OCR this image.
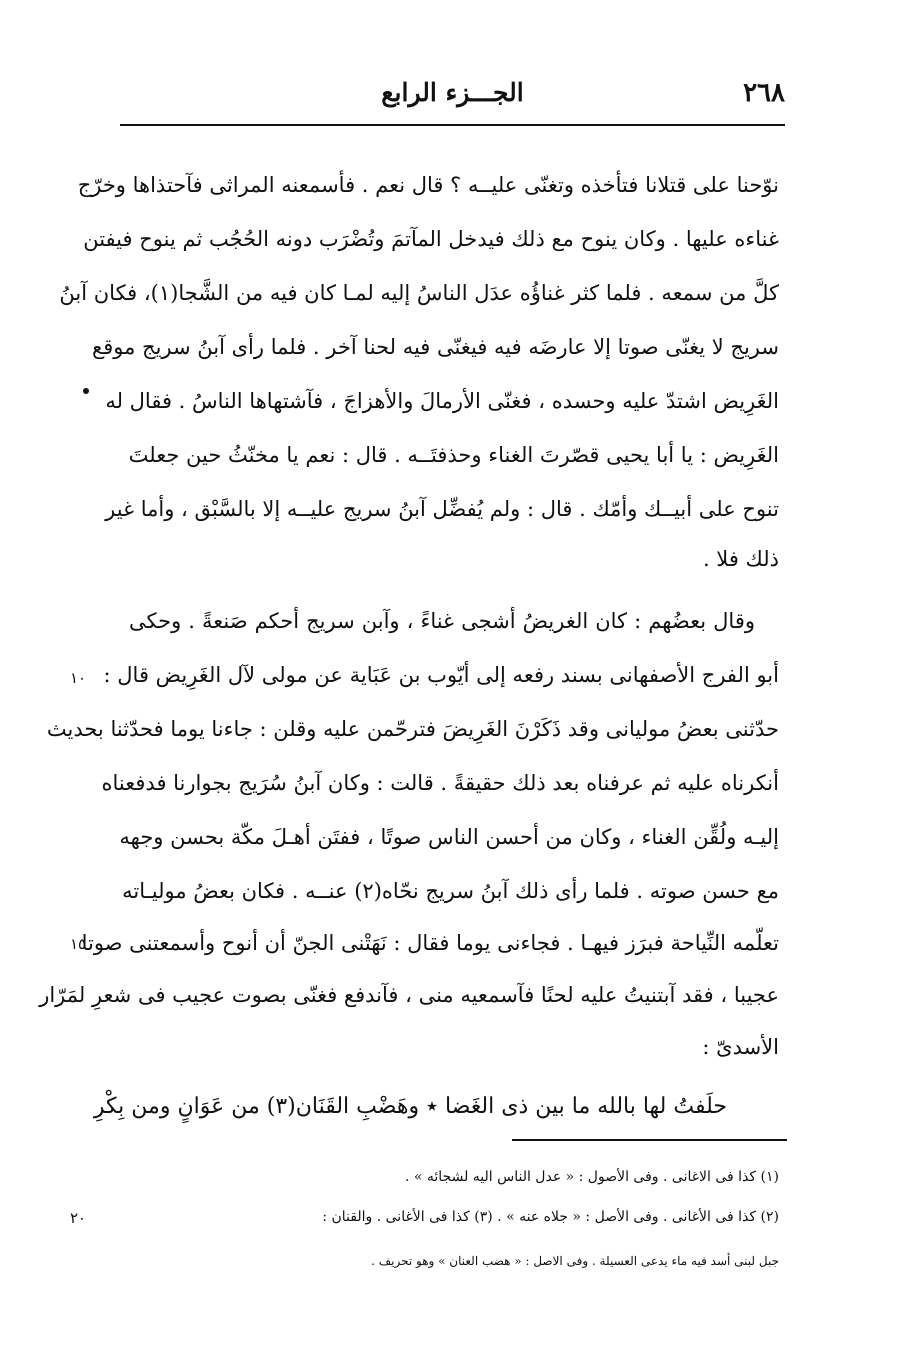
٢٦٨
الجـــزء الرابع
نوّحنا على قتلانا فتأخذه وتغنّى عليــه ؟ قال نعم . فأسمعنه المراثى فآحتذاها وخرّج
غناءه عليها . وكان ينوح مع ذلك فيدخل المآتمَ وتُضْرَب دونه الحُجُب ثم ينوح فيفتن
كلَّ من سمعه . فلما كثر غناؤُه عدَل الناسُ إليه لمـا كان فيه من الشَّجا(١)، فكان آبنُ
سريج لا يغنّى صوتا إلا عارضَه فيه فيغنّى فيه لحنا آخر . فلما رأى آبنُ سريج موقع
الغَرِيض اشتدّ عليه وحسده ، فغنّى الأرمالَ والأهزاجَ ، فآشتهاها الناسُ . فقال له
الغَرِيض : يا أبا يحيى قصّرتَ الغناء وحذفتَــه . قال : نعم يا مخنّثُ حين جعلتَ
تنوح على أبيــك وأمّك . قال : ولم يُفضِّل آبنُ سريج عليــه إلا بالسَّبْق ، وأما غير
ذلك فلا .
وقال بعضُهم : كان الغريضُ أشجى غناءً ، وآبن سريج أحكم صَنعةً . وحكى
أبو الفرج الأصفهانى بسند رفعه إلى أيّوب بن عَبَاية عن مولى لآل الغَرِيض قال :
حدّثنى بعضُ موليانى وقد ذَكَرْنَ الغَرِيضَ فترحّمن عليه وقلن : جاءنا يوما فحدّثنا بحديث
أنكرناه عليه ثم عرفناه بعد ذلك حقيقةً . قالت : وكان آبنُ سُرَيج بجوارنا فدفعناه
إليـه ولُقِّن الغناء ، وكان من أحسن الناس صوتًا ، ففتَن أهـلَ مكّة بحسن وجهه
مع حسن صوته . فلما رأى ذلك آبنُ سريج نحّاه(٢) عنــه . فكان بعضُ موليـاته
تعلّمه النِّياحة فبرَز فيهـا . فجاءنى يوما فقال : نَهَتْنى الجنّ أن أنوح وأسمعتنى صوتا
عجيبا ، فقد آبتنيتُ عليه لحنًا فآسمعيه منى ، فآندفع فغنّى بصوت عجيب فى شعرِ لمَرّار
الأسدىّ :
حلَفتُ لها بالله ما بين ذى الغَضا ٭ وهَضْبِ القَنَان(٣) من عَوَانٍ ومن بِكْرِ
(١) كذا فى الاغانى . وفى الأصول : « عدل الناس اليه لشجائه » .
(٢) كذا فى الأغانى . وفى الأصل : « جلاه عنه » . (٣) كذا فى الأغانى . والقنان :
جبل لبنى أسد فيه ماء يدعى العسيلة . وفى الاصل : « هضب العنان » وهو تحريف .
١٠
١٥
٢٠
